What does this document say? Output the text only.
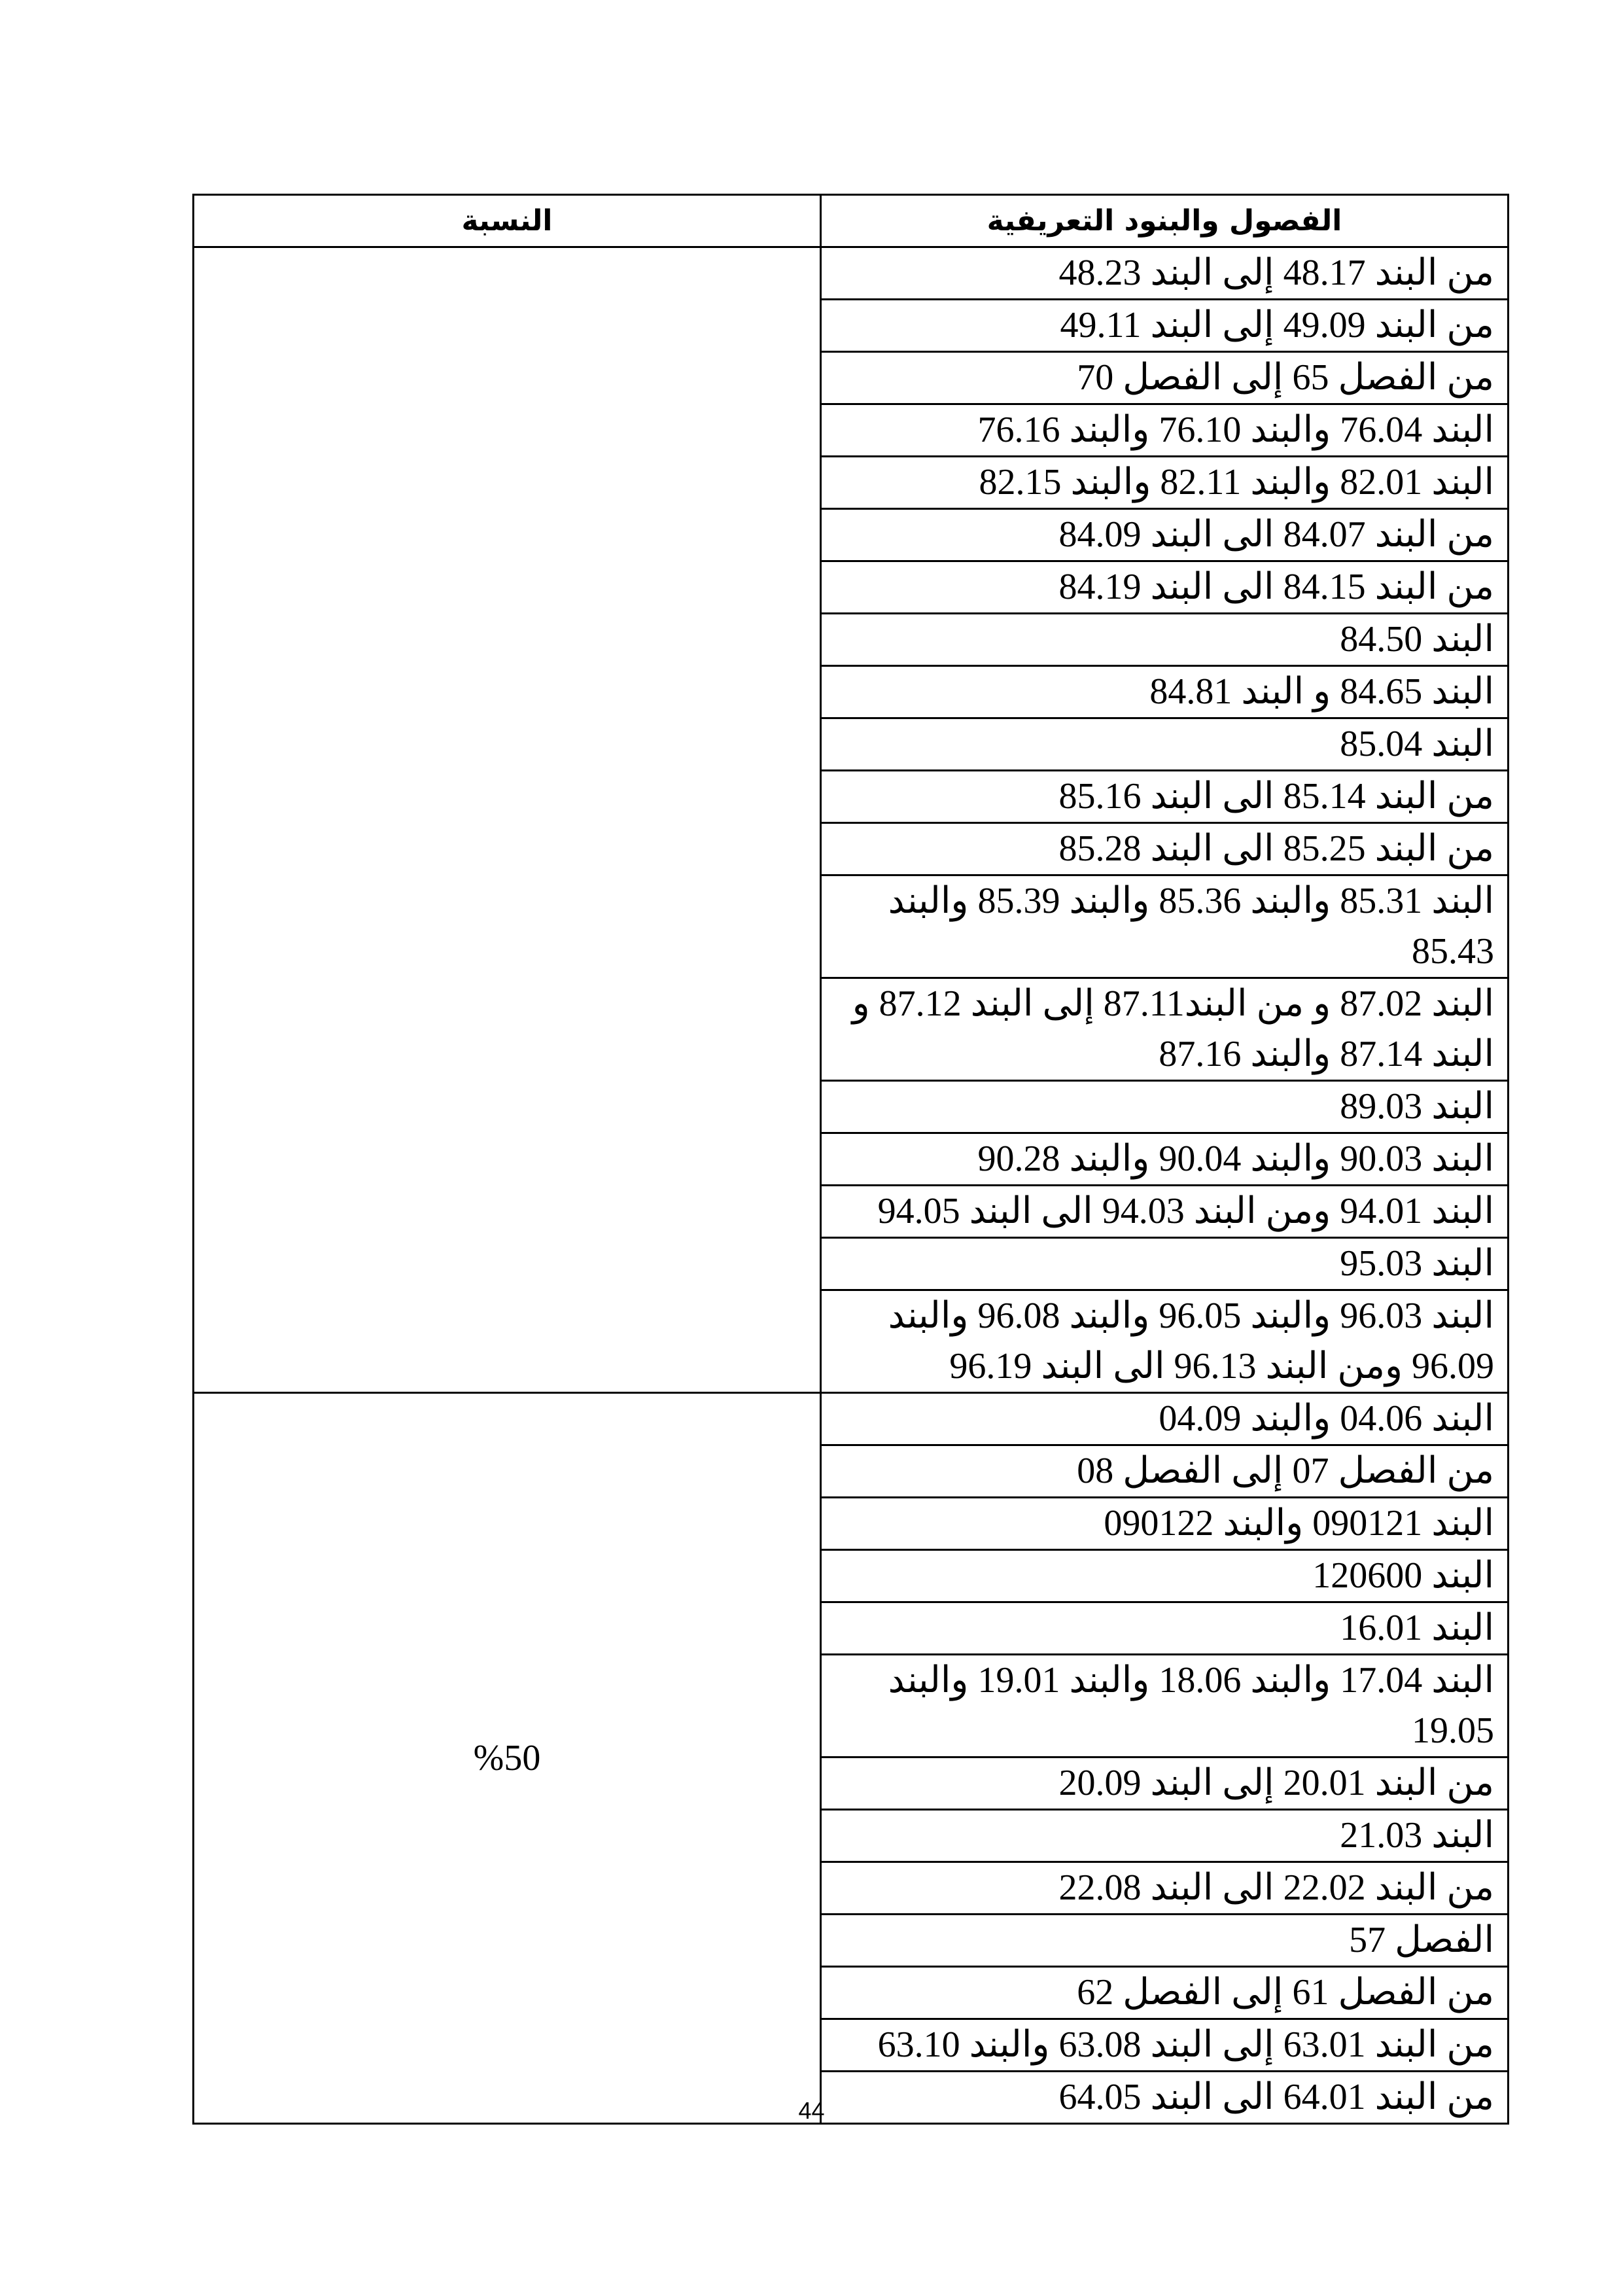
الفصول والبنود التعريفية	النسبة
من البند 48.17 إلى البند 48.23	
من البند 49.09 إلى البند 49.11	
من الفصل 65 إلى الفصل 70	
البند 76.04 والبند 76.10 والبند 76.16	
البند 82.01 والبند 82.11 والبند 82.15	
من البند 84.07 الى البند 84.09	
من البند 84.15 الى البند 84.19	
البند 84.50	
البند 84.65 و البند 84.81	
البند 85.04	
من البند 85.14 الى البند 85.16	
من البند 85.25 الى البند 85.28	
البند 85.31 والبند 85.36 والبند 85.39 والبند 85.43	
البند 87.02 و من البند87.11 إلى البند 87.12 و البند 87.14 والبند 87.16	
البند 89.03	
البند 90.03 والبند 90.04 والبند 90.28	
البند 94.01 ومن البند 94.03 الى البند 94.05	
البند 95.03	
البند 96.03 والبند 96.05 والبند 96.08 والبند 96.09 ومن البند 96.13 الى البند 96.19	
البند 04.06 والبند 04.09	%50
من الفصل 07 إلى الفصل 08	
البند 090121 والبند 090122	
البند 120600	
البند 16.01	
البند 17.04 والبند 18.06 والبند 19.01 والبند 19.05	
من البند 20.01 إلى البند 20.09	
البند 21.03	
من البند 22.02 الى البند 22.08	
الفصل 57	
من الفصل 61 إلى الفصل 62	
من البند 63.01 إلى البند 63.08 والبند 63.10	
من البند 64.01 الى البند 64.05	
44
